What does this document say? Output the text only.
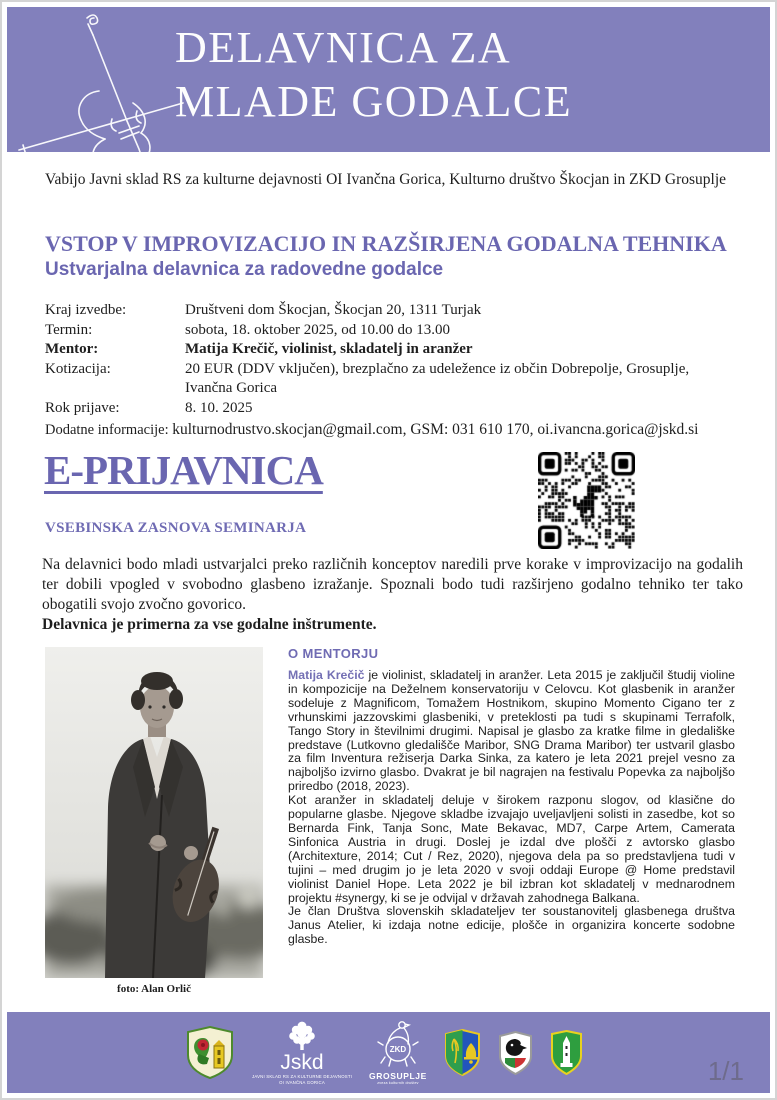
DELAVNICA ZA
MLADE GODALCE
Vabijo Javni sklad RS za kulturne dejavnosti OI Ivančna Gorica, Kulturno društvo Škocjan in ZKD Grosuplje
VSTOP V IMPROVIZACIJO IN RAZŠIRJENA GODALNA TEHNIKA
Ustvarjalna delavnica za radovedne godalce
Kraj izvedbe:	Društveni dom Škocjan, Škocjan 20, 1311 Turjak
Termin:	sobota, 18. oktober 2025, od 10.00 do 13.00
Mentor:	Matija Krečič, violinist, skladatelj in aranžer
Kotizacija:	20 EUR (DDV vključen), brezplačno za udeležence iz občin Dobrepolje, Grosuplje, Ivančna Gorica
Rok prijave:	8. 10. 2025
Dodatne informacije: kulturnodrustvo.skocjan@gmail.com, GSM: 031 610 170, oi.ivancna.gorica@jskd.si
E-PRIJAVNICA
VSEBINSKA ZASNOVA SEMINARJA
Na delavnici bodo mladi ustvarjalci preko različnih konceptov naredili prve korake v improvizacijo na godalih ter dobili vpogled v svobodno glasbeno izražanje. Spoznali bodo tudi razširjeno godalno tehniko ter tako obogatili svojo zvočno govorico.
Delavnica je primerna za vse godalne inštrumente.
foto: Alan Orlič
O MENTORJU

Matija Krečič je violinist, skladatelj in aranžer. Leta 2015 je zaključil študij violine in kompozicije na Deželnem konservatoriju v Celovcu. Kot glasbenik in aranžer sodeluje z Magnificom, Tomažem Hostnikom, skupino Momento Cigano ter z vrhunskimi jazzovskimi glasbeniki, v preteklosti pa tudi s skupinami Terrafolk, Tango Story in številnimi drugimi. Napisal je glasbo za kratke filme in gledališke predstave (Lutkovno gledališče Maribor, SNG Drama Maribor) ter ustvaril glasbo za film Inventura režiserja Darka Sinka, za katero je leta 2021 prejel vesno za najboljšo izvirno glasbo. Dvakrat je bil nagrajen na festivalu Popevka za najboljšo priredbo (2018, 2023).

Kot aranžer in skladatelj deluje v širokem razponu slogov, od klasične do popularne glasbe. Njegove skladbe izvajajo uveljavljeni solisti in zasedbe, kot so Bernarda Fink, Tanja Sonc, Mate Bekavac, MD7, Carpe Artem, Camerata Sinfonica Austria in drugi. Doslej je izdal dve plošči z avtorsko glasbo (Architexture, 2014; Cut / Rez, 2020), njegova dela pa so predstavljena tudi v tujini – med drugim jo je leta 2020 v svoji oddaji Europe @ Home predstavil violinist Daniel Hope. Leta 2022 je bil izbran kot skladatelj v mednarodnem projektu #synergy, ki se je odvijal v državah zahodnega Balkana.

Je član Društva slovenskih skladateljev ter soustanovitelj glasbenega društva Janus Atelier, ki izdaja notne edicije, plošče in organizira koncerte sodobne glasbe.

Jskd
JAVNI SKLAD RS ZA KULTURNE DEJAVNOSTI
OI IVANČNA GORICA
ZKD
GROSUPLJE
zveza kulturnih društev	1/1
